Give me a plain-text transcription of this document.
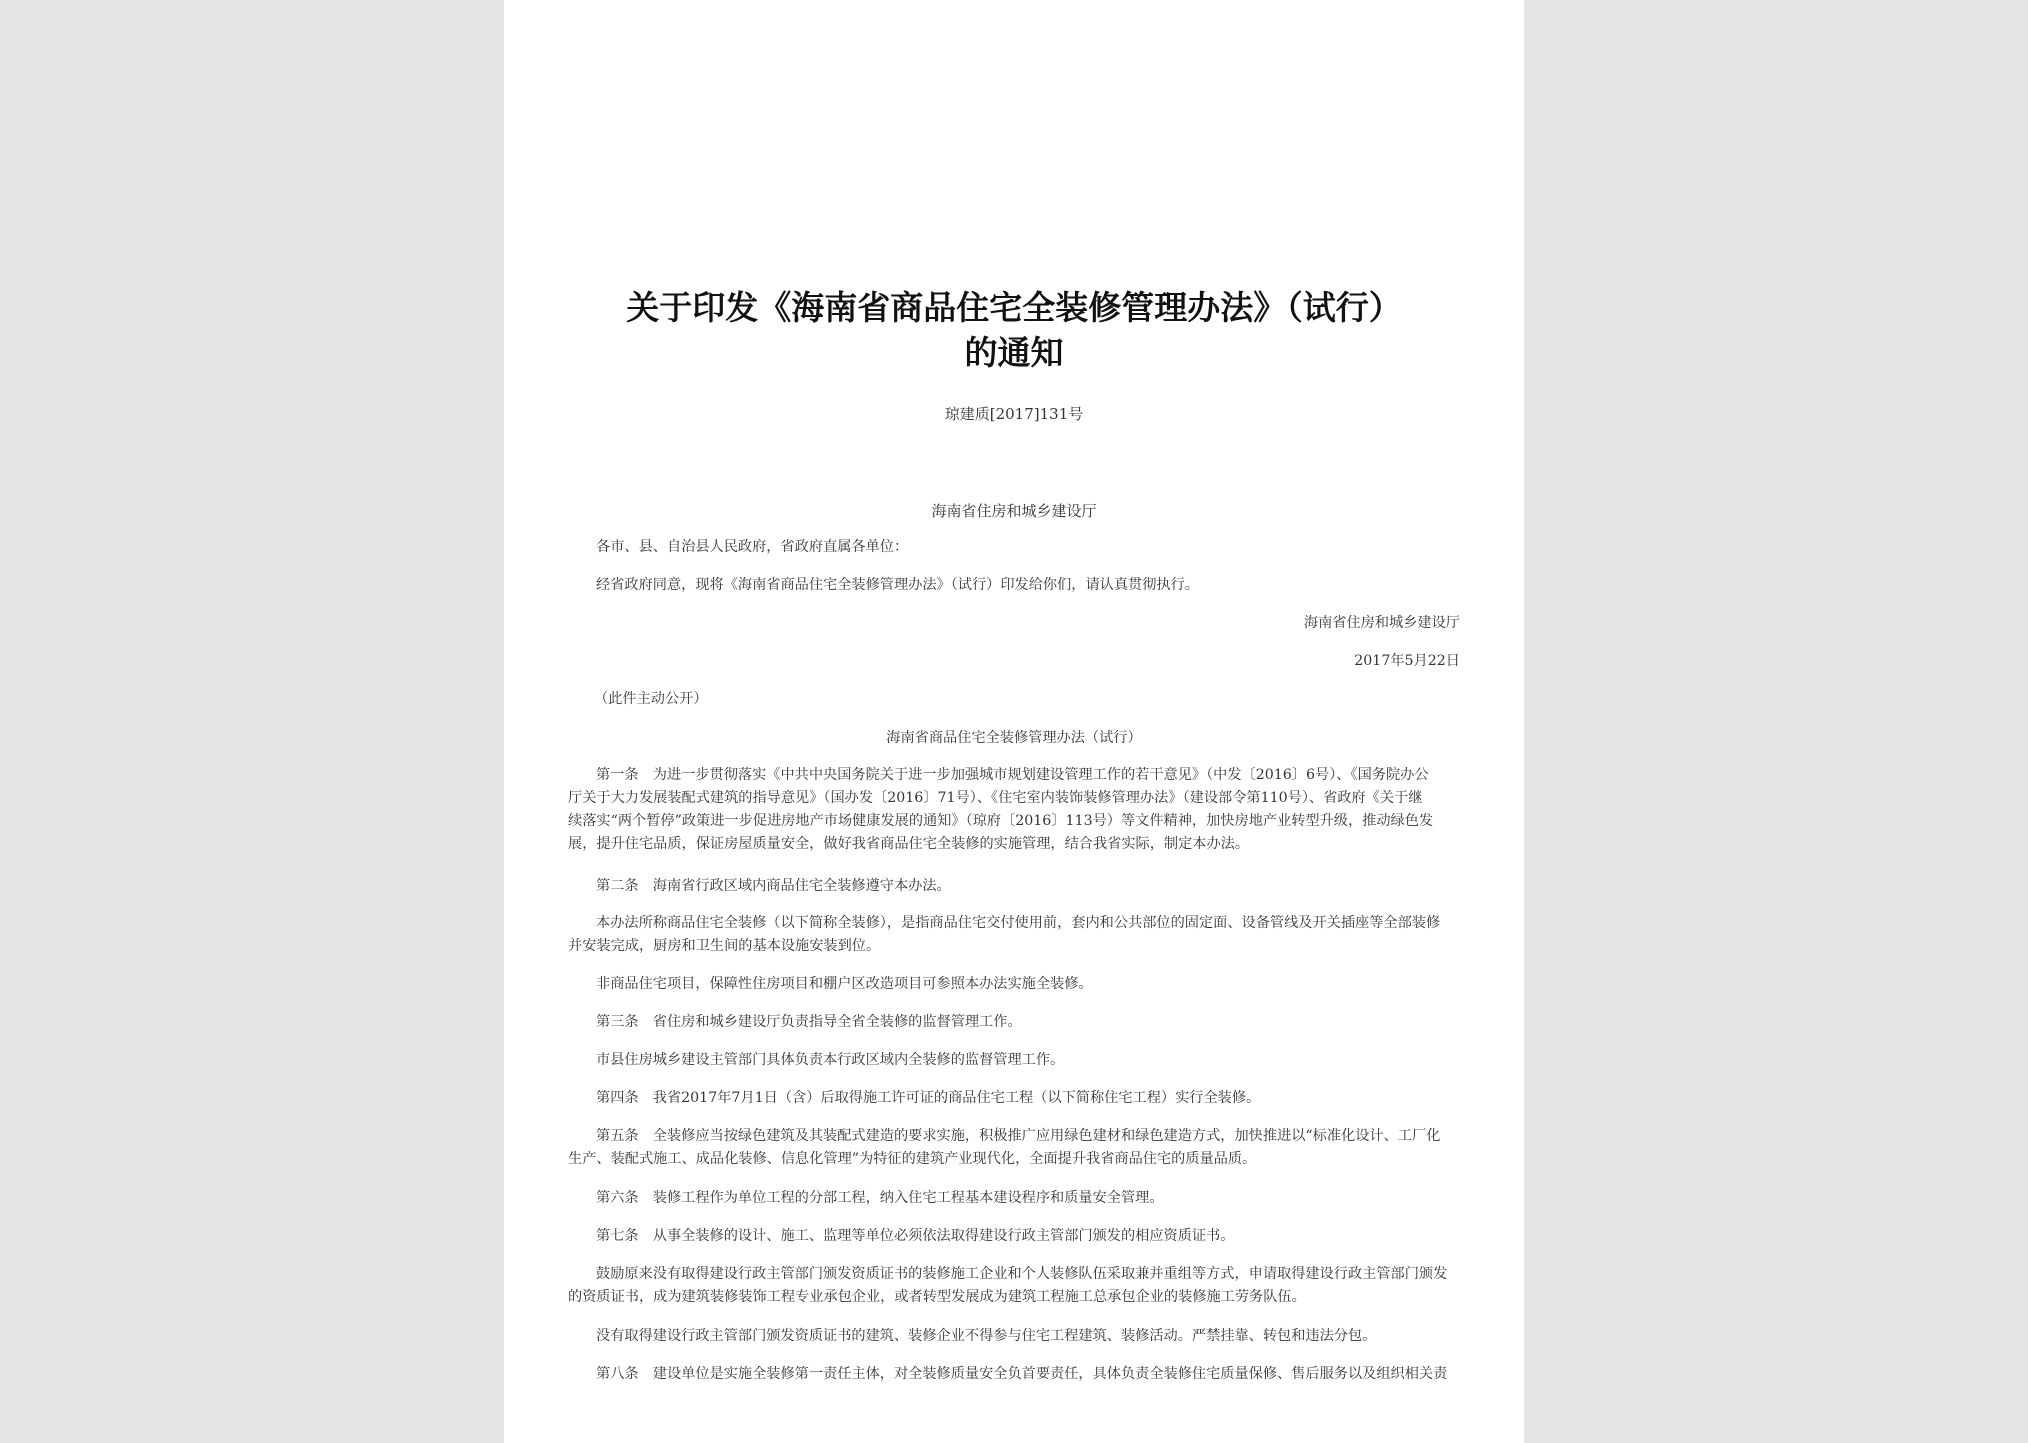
关于印发《海南省商品住宅全装修管理办法》（试行）
的通知
琼建质[2017]131号
海南省住房和城乡建设厅
各市、县、自治县人民政府，省政府直属各单位：
经省政府同意，现将《海南省商品住宅全装修管理办法》（试行）印发给你们，请认真贯彻执行。
海南省住房和城乡建设厅
2017年5月22日
（此件主动公开）
海南省商品住宅全装修管理办法（试行）
第一条　为进一步贯彻落实《中共中央国务院关于进一步加强城市规划建设管理工作的若干意见》（中发〔2016〕6号）、《国务院办公
厅关于大力发展装配式建筑的指导意见》（国办发〔2016〕71号）、《住宅室内装饰装修管理办法》（建设部令第110号）、省政府《关于继
续落实“两个暂停”政策进一步促进房地产市场健康发展的通知》（琼府〔2016〕113号）等文件精神，加快房地产业转型升级，推动绿色发
展，提升住宅品质，保证房屋质量安全，做好我省商品住宅全装修的实施管理，结合我省实际，制定本办法。
第二条　海南省行政区域内商品住宅全装修遵守本办法。
本办法所称商品住宅全装修（以下简称全装修），是指商品住宅交付使用前，套内和公共部位的固定面、设备管线及开关插座等全部装修
并安装完成，厨房和卫生间的基本设施安装到位。
非商品住宅项目，保障性住房项目和棚户区改造项目可参照本办法实施全装修。
第三条　省住房和城乡建设厅负责指导全省全装修的监督管理工作。
市县住房城乡建设主管部门具体负责本行政区域内全装修的监督管理工作。
第四条　我省2017年7月1日（含）后取得施工许可证的商品住宅工程（以下简称住宅工程）实行全装修。
第五条　全装修应当按绿色建筑及其装配式建造的要求实施，积极推广应用绿色建材和绿色建造方式，加快推进以“标准化设计、工厂化
生产、装配式施工、成品化装修、信息化管理”为特征的建筑产业现代化，全面提升我省商品住宅的质量品质。
第六条　装修工程作为单位工程的分部工程，纳入住宅工程基本建设程序和质量安全管理。
第七条　从事全装修的设计、施工、监理等单位必须依法取得建设行政主管部门颁发的相应资质证书。
鼓励原来没有取得建设行政主管部门颁发资质证书的装修施工企业和个人装修队伍采取兼并重组等方式，申请取得建设行政主管部门颁发
的资质证书，成为建筑装修装饰工程专业承包企业，或者转型发展成为建筑工程施工总承包企业的装修施工劳务队伍。
没有取得建设行政主管部门颁发资质证书的建筑、装修企业不得参与住宅工程建筑、装修活动。严禁挂靠、转包和违法分包。
第八条　建设单位是实施全装修第一责任主体，对全装修质量安全负首要责任，具体负责全装修住宅质量保修、售后服务以及组织相关责
